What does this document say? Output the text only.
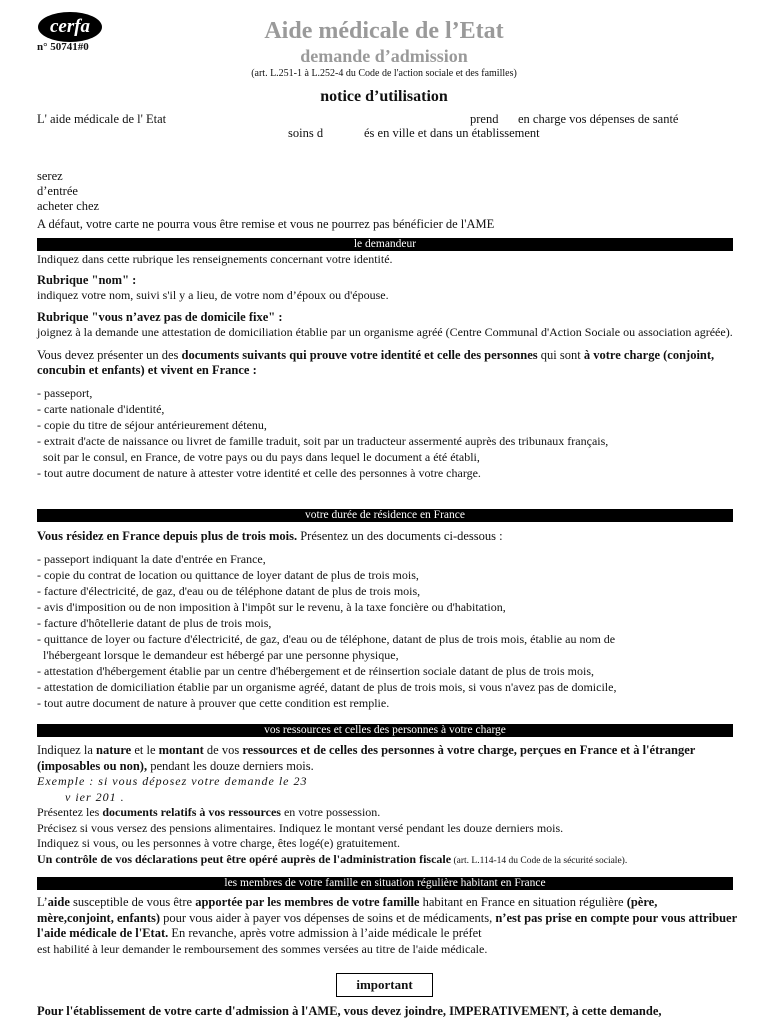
cerfa
n° 50741#0
Aide médicale de l’Etat
demande d’admission
(art. L.251-1 à L.252-4 du Code de l'action sociale et des familles)
notice d’utilisation
L' aide médicale de l' Etat	prend en charge vos dépenses de santé
soins d	és en ville et dans un établissement
serez
d’entrée
acheter chez
A défaut, votre carte ne pourra vous être remise et vous ne pourrez pas bénéficier de l'AME
le demandeur

Indiquez dans cette rubrique les renseignements concernant votre identité.

Rubrique "nom" :

indiquez votre nom, suivi s'il y a lieu, de votre nom d’époux ou d'épouse.

Rubrique "vous n’avez pas de domicile fixe" :

joignez à la demande une attestation de domiciliation établie par un organisme agréé (Centre Communal d'Action Sociale ou association agréée).

Vous devez présenter un des documents suivants qui prouve votre identité et celle des personnes qui sont à votre charge (conjoint, concubin et enfants) et vivent en France :

- passeport,
- carte nationale d'identité,
- copie du titre de séjour antérieurement détenu,
- extrait d'acte de naissance ou livret de famille traduit, soit par un traducteur assermenté auprès des tribunaux français,
soit par le consul, en France, de votre pays ou du pays dans lequel le document a été établi,
- tout autre document de nature à attester votre identité et celle des personnes à votre charge.
votre durée de résidence en France

Vous résidez en France depuis plus de trois mois. Présentez un des documents ci-dessous :

- passeport indiquant la date d'entrée en France,
- copie du contrat de location ou quittance de loyer datant de plus de trois mois,
- facture d'électricité, de gaz, d'eau ou de téléphone datant de plus de trois mois,
- avis d'imposition ou de non imposition à l'impôt sur le revenu, à la taxe foncière ou d'habitation,
- facture d'hôtellerie datant de plus de trois mois,
- quittance de loyer ou facture d'électricité, de gaz, d'eau ou de téléphone, datant de plus de trois mois, établie au nom de
l'hébergeant lorsque le demandeur est hébergé par une personne physique,
- attestation d'hébergement établie par un centre d'hébergement et de réinsertion sociale datant de plus de trois mois,
- attestation de domiciliation établie par un organisme agréé, datant de plus de trois mois, si vous n'avez pas de domicile,
- tout autre document de nature à prouver que cette condition est remplie.
vos ressources et celles des personnes à votre charge

Indiquez la nature et le montant de vos ressources et de celles des personnes à votre charge, perçues en France et à l'étranger (imposables ou non), pendant les douze derniers mois.

Exemple : si vous déposez votre demande le 23

v ier 201 .

Présentez les documents relatifs à vos ressources en votre possession.

Précisez si vous versez des pensions alimentaires. Indiquez le montant versé pendant les douze derniers mois.

Indiquez si vous, ou les personnes à votre charge, êtes logé(e) gratuitement.

Un contrôle de vos déclarations peut être opéré auprès de l'administration fiscale (art. L.114-14 du Code de la sécurité sociale).

les membres de votre famille en situation régulière habitant en France

L’aide susceptible de vous être apportée par les membres de votre famille habitant en France en situation régulière (père, mère,conjoint, enfants) pour vous aider à payer vos dépenses de soins et de médicaments, n’est pas prise en compte pour vous attribuer l'aide médicale de l'Etat. En revanche, après votre admission à l’aide médicale le préfet

est habilité à leur demander le remboursement des sommes versées au titre de l'aide médicale.

important
Pour l'établissement de votre carte d'admission à l'AME, vous devez joindre, IMPERATIVEMENT, à cette demande,
